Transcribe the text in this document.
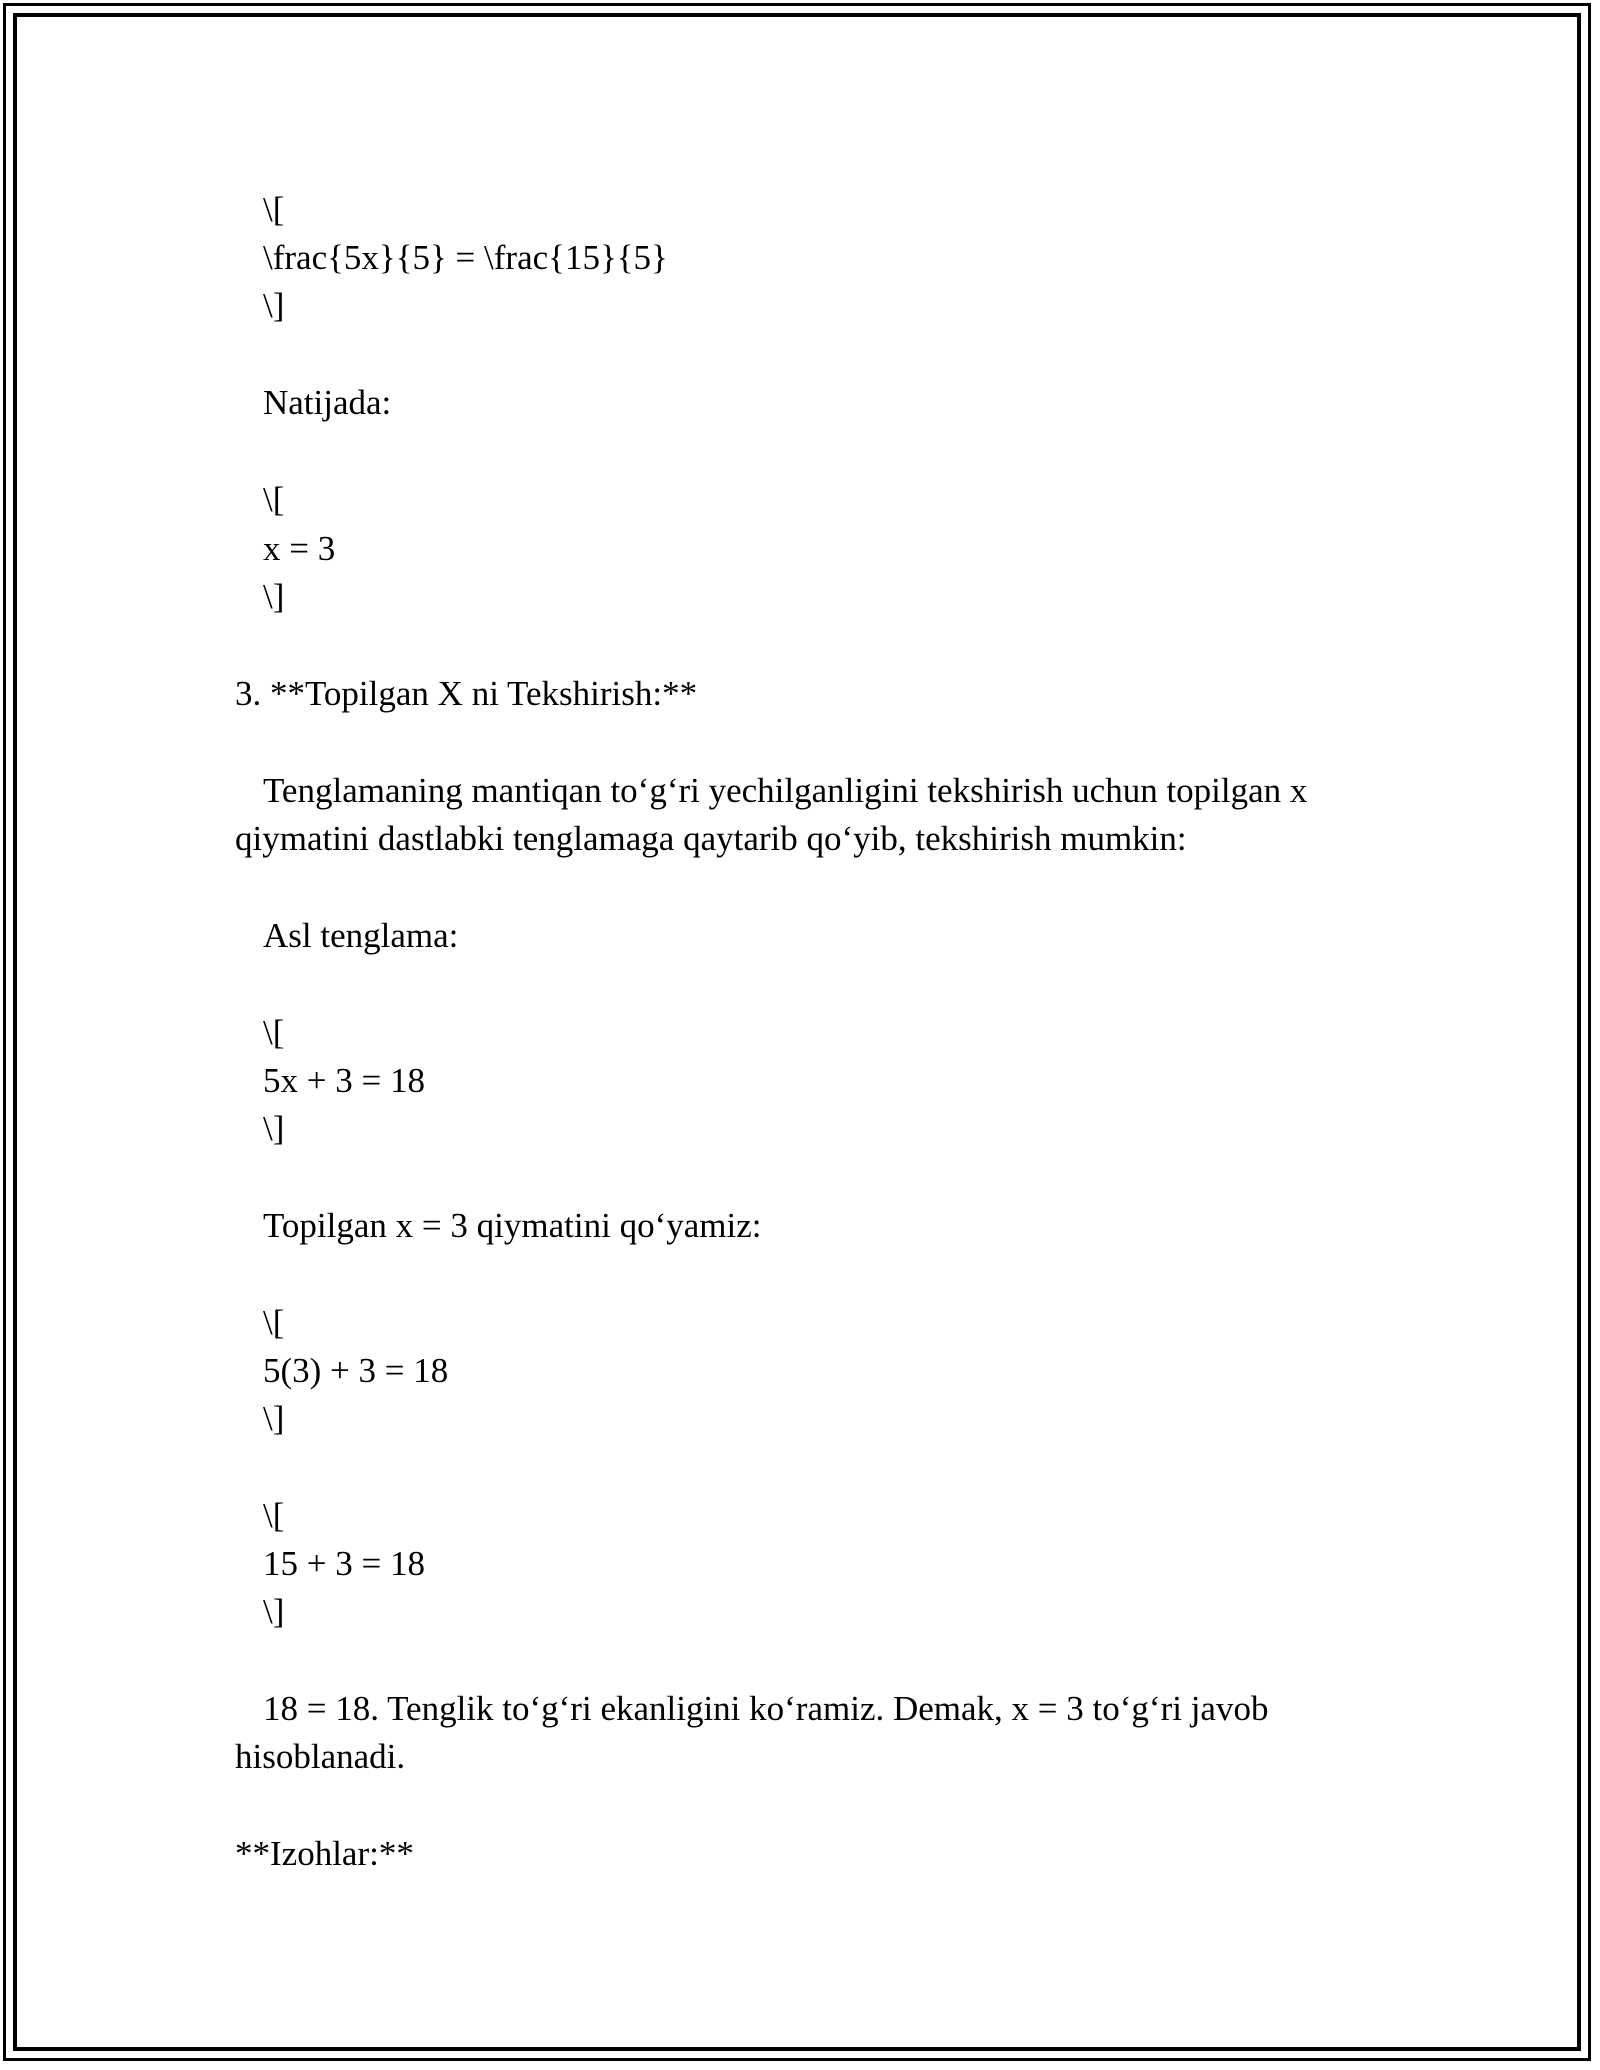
\[
\frac{5x}{5} = \frac{15}{5}
\]
Natijada:
\[
x = 3
\]
3. **Topilgan X ni Tekshirish:**
Tenglamaning mantiqan to‘g‘ri yechilganligini tekshirish uchun topilgan x
qiymatini dastlabki tenglamaga qaytarib qo‘yib, tekshirish mumkin:
Asl tenglama:
\[
5x + 3 = 18
\]
Topilgan x = 3 qiymatini qo‘yamiz:
\[
5(3) + 3 = 18
\]
\[
15 + 3 = 18
\]
18 = 18. Tenglik to‘g‘ri ekanligini ko‘ramiz. Demak, x = 3 to‘g‘ri javob
hisoblanadi.
**Izohlar:**
